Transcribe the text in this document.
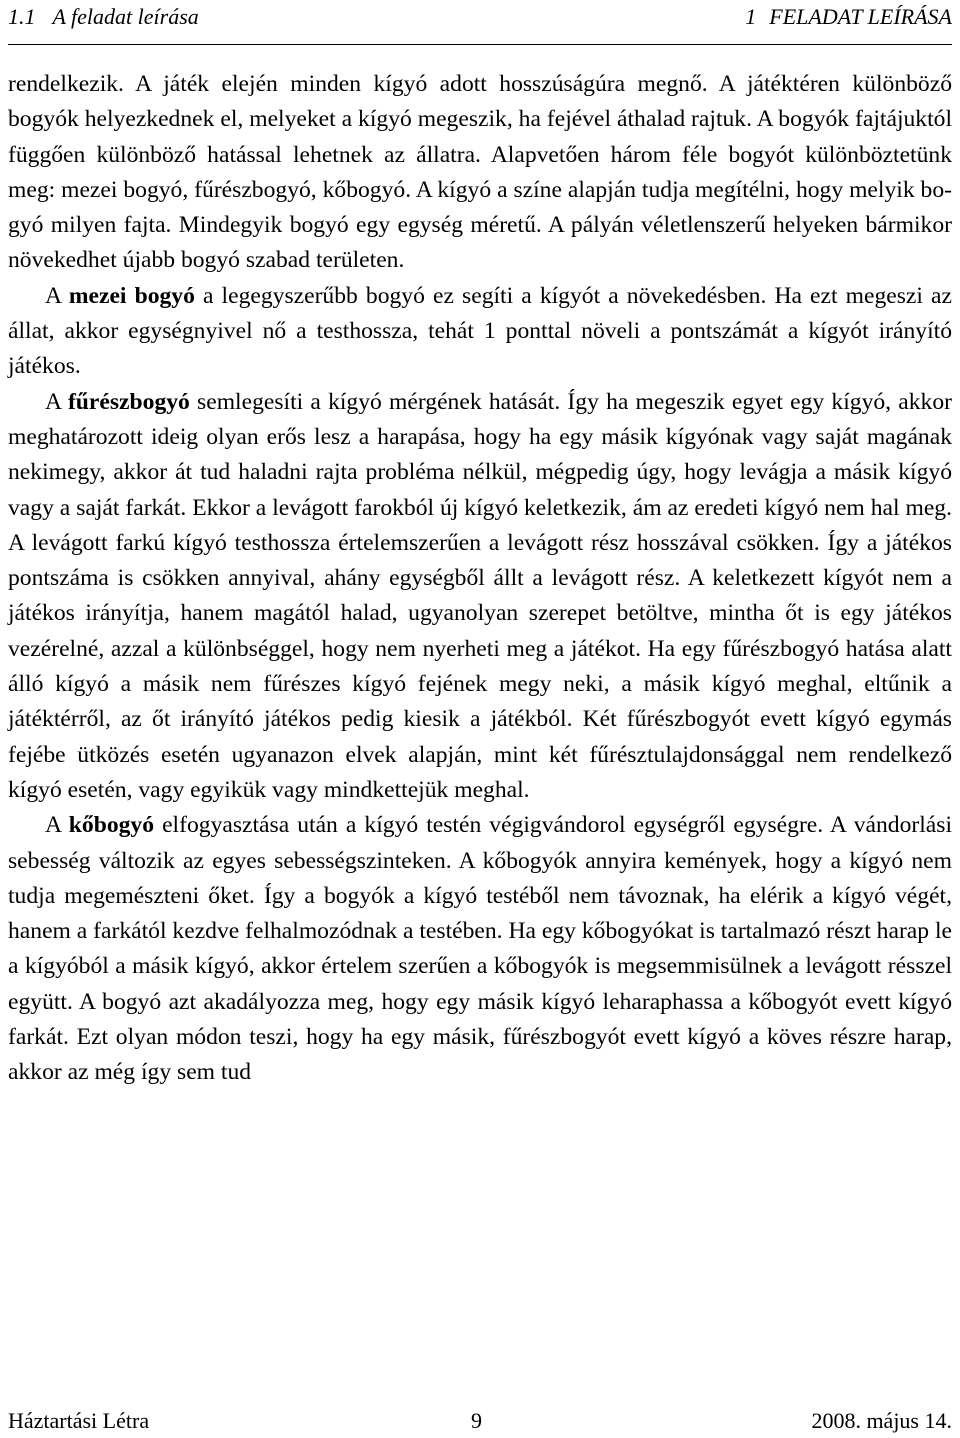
1.1 A feladat leírása	1 FELADAT LEÍRÁSA

rendelkezik. A játék elején minden kígyó adott hosszúságúra megnő. A játéktéren különböző bogyók helyezkednek el, melyeket a kígyó megeszik, ha fejével áthalad rajtuk. A bogyók fajtájuktól függően különböző hatással lehetnek az állatra. Alapvetően három féle bogyót különböztetünk meg: mezei bogyó, fűrészbogyó, kőbogyó. A kígyó a színe alapján tudja megítélni, hogy melyik bogyó milyen fajta. Mindegyik bogyó egy egység méretű. A pályán véletlenszerű helyeken bármikor növekedhet újabb bogyó szabad területen.

A mezei bogyó a legegyszerűbb bogyó ez segíti a kígyót a növekedésben. Ha ezt megeszi az állat, akkor egységnyivel nő a testhossza, tehát 1 ponttal növeli a pontszámát a kígyót irányító játékos.

A fűrészbogyó semlegesíti a kígyó mérgének hatását. Így ha megeszik egyet egy kígyó, akkor meghatározott ideig olyan erős lesz a harapása, hogy ha egy másik kígyónak vagy saját magának nekimegy, akkor át tud haladni rajta probléma nélkül, mégpedig úgy, hogy levágja a másik kígyó vagy a saját farkát. Ekkor a levágott farokból új kígyó keletkezik, ám az eredeti kígyó nem hal meg. A levágott farkú kígyó testhossza értelemszerűen a levágott rész hosszával csökken. Így a játékos pontszáma is csökken annyival, ahány egységből állt a levágott rész. A keletkezett kígyót nem a játékos irányítja, hanem magától halad, ugyanolyan szerepet betöltve, mintha őt is egy játékos vezérelné, azzal a különbséggel, hogy nem nyerheti meg a játékot. Ha egy fűrészbogyó hatása alatt álló kígyó a másik nem fűrészes kígyó fejének megy neki, a másik kígyó meghal, eltűnik a játéktérről, az őt irányító játékos pedig kiesik a játékból. Két fűrészbogyót evett kígyó egymás fejébe ütközés esetén ugyanazon elvek alapján, mint két fűrésztulajdonsággal nem rendelkező kígyó esetén, vagy egyikük vagy mindkettejük meghal.

A kőbogyó elfogyasztása után a kígyó testén végigvándorol egységről egységre. A vándorlási sebesség változik az egyes sebességszinteken. A kőbogyók annyira kemények, hogy a kígyó nem tudja megemészteni őket. Így a bogyók a kígyó testéből nem távoznak, ha elérik a kígyó végét, hanem a farkától kezdve felhalmozódnak a testében. Ha egy kőbogyókat is tartalmazó részt harap le a kígyóból a másik kígyó, akkor értelem szerűen a kőbogyók is megsemmisülnek a levágott résszel együtt. A bogyó azt akadályozza meg, hogy egy másik kígyó leharaphassa a kőbogyót evett kígyó farkát. Ezt olyan módon teszi, hogy ha egy másik, fűrészbogyót evett kígyó a köves részre harap, akkor az még így sem tud

Háztartási Létra	9	2008. május 14.
